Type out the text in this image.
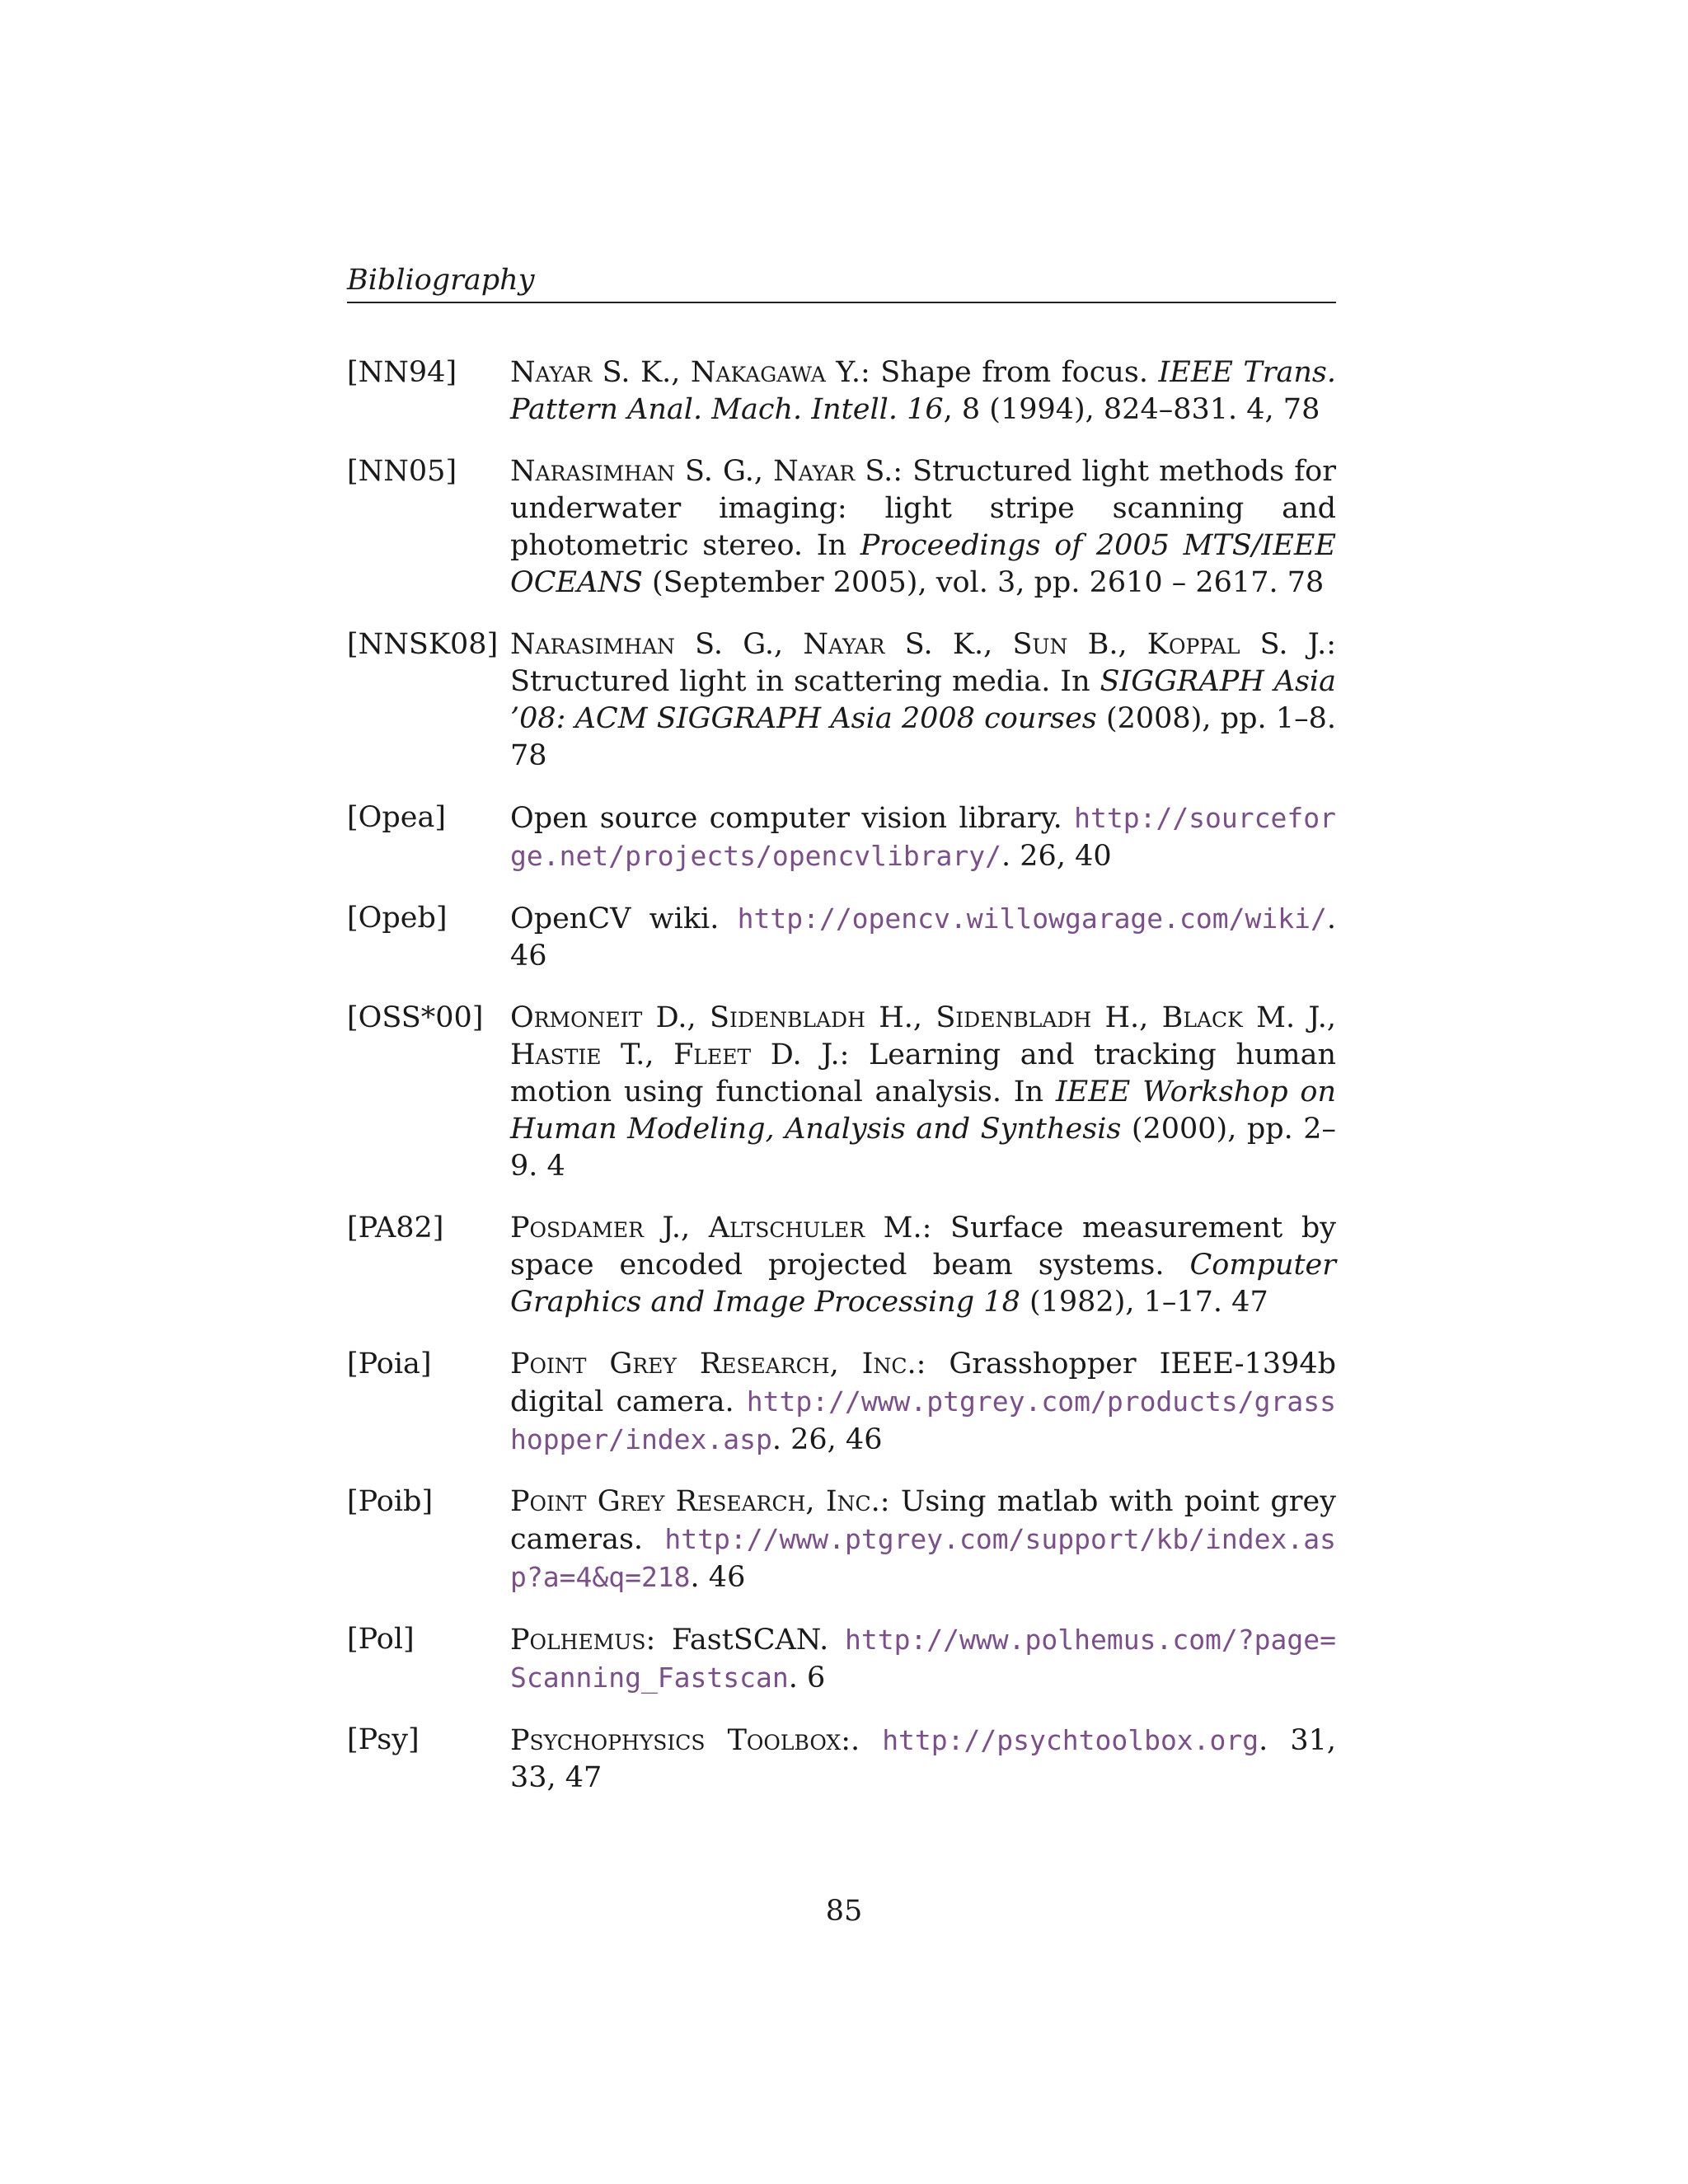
Bibliography
[NN94]	Nayar S. K., Nakagawa Y.: Shape from focus. IEEE Trans. Pattern Anal. Mach. Intell. 16, 8 (1994), 824–831. 4, 78
[NN05]	Narasimhan S. G., Nayar S.: Structured light methods for underwater imaging: light stripe scanning and photometric stereo. In Proceedings of 2005 MTS/IEEE OCEANS (September 2005), vol. 3, pp. 2610 – 2617. 78
[NNSK08] Narasimhan S. G., Nayar S. K., Sun B., Koppal S. J.: Structured light in scattering media. In SIGGRAPH Asia ’08: ACM SIGGRAPH Asia 2008 courses (2008), pp. 1–8. 78
[Opea]	Open source computer vision library. http://sourceforge.net/projects/opencvlibrary/. 26, 40
[Opeb]	OpenCV wiki. http://opencv.willowgarage.com/wiki/. 46
[OSS*00] Ormoneit D., Sidenbladh H., Sidenbladh H., Black M. J., Hastie T., Fleet D. J.: Learning and tracking human motion using functional analysis. In IEEE Workshop on Human Modeling, Analysis and Synthesis (2000), pp. 2–9. 4
[PA82]	Posdamer J., Altschuler M.: Surface measurement by space encoded projected beam systems. Computer Graphics and Image Processing 18 (1982), 1–17. 47
[Poia]	Point Grey Research, Inc.: Grasshopper IEEE-1394b digital camera. http://www.ptgrey.com/products/grasshopper/index.asp. 26, 46
[Poib]	Point Grey Research, Inc.: Using matlab with point grey cameras. http://www.ptgrey.com/support/kb/index.asp?a=4&q=218. 46
[Pol]	Polhemus: FastSCAN. http://www.polhemus.com/?page=Scanning_Fastscan. 6
[Psy]	Psychophysics Toolbox:. http://psychtoolbox.org. 31, 33, 47
85
